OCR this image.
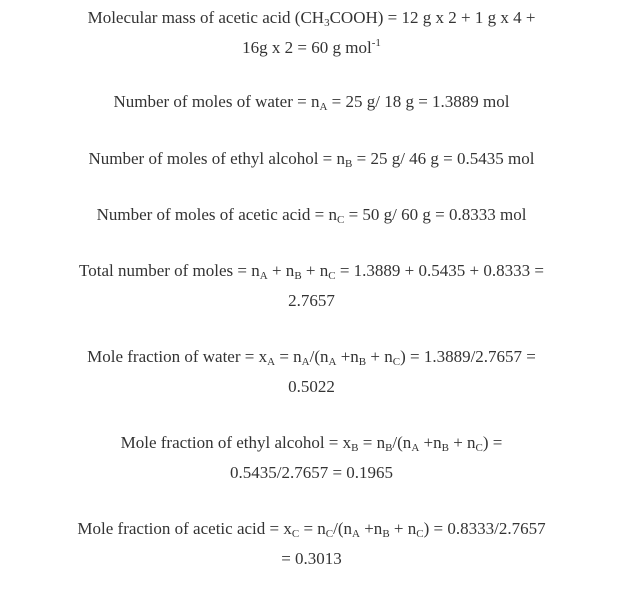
Molecular mass of acetic acid $(CH_3COOH) = 12$ g x 2 + 1 g x 4 +
16g x 2 = 60 g mol$^{-1}$
Number of moles of water = $n_A = 25$ g/ 18 g = 1.3889 mol
Number of moles of ethyl alcohol = $n_B = 25$ g/ 46 g = 0.5435 mol
Number of moles of acetic acid = $n_C = 50$ g/ 60 g = 0.8333 mol
Total number of moles = $n_A + n_B + n_C = 1.3889 + 0.5435 + 0.8333$ =
2.7657
Mole fraction of water = $x_A = n_A/(n_A +n_B + n_C) = 1.3889/2.7657$ =
0.5022
Mole fraction of ethyl alcohol = $x_B = n_B/(n_A +n_B + n_C)$ =
0.5435/2.7657 = 0.1965
Mole fraction of acetic acid = $x_C = n_C/(n_A +n_B + n_C) = 0.8333/2.7657$
= 0.3013
